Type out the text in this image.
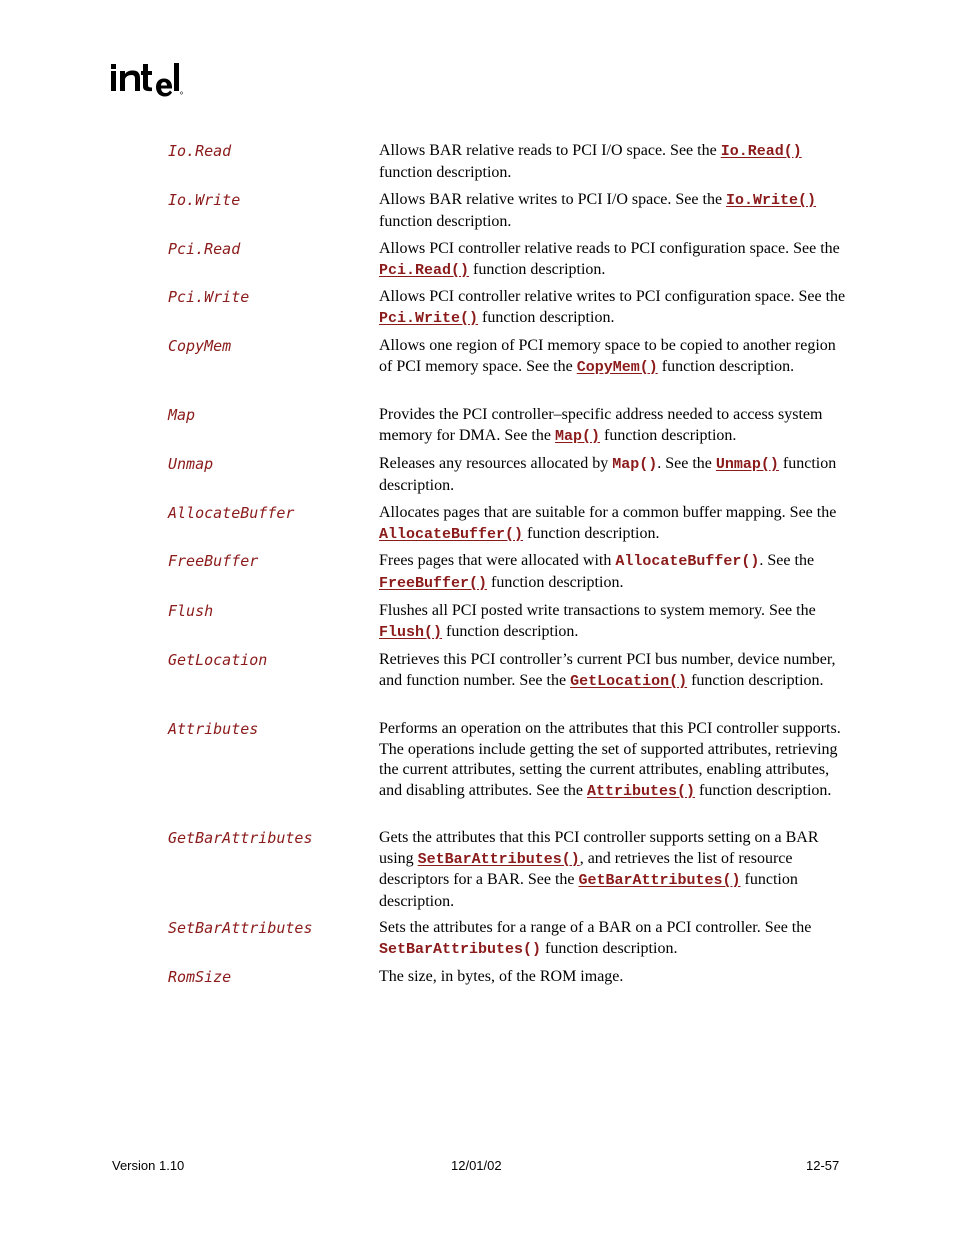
Io.Read	Allows BAR relative reads to PCI I/O space. See the Io.Read() function description.
Io.Write	Allows BAR relative writes to PCI I/O space. See the Io.Write() function description.
Pci.Read	Allows PCI controller relative reads to PCI configuration space. See the Pci.Read() function description.
Pci.Write	Allows PCI controller relative writes to PCI configuration space. See the Pci.Write() function description.
CopyMem	Allows one region of PCI memory space to be copied to another region of PCI memory space. See the CopyMem() function description.
Map	Provides the PCI controller–specific address needed to access system memory for DMA. See the Map() function description.
Unmap	Releases any resources allocated by Map(). See the Unmap() function description.
AllocateBuffer	Allocates pages that are suitable for a common buffer mapping. See the AllocateBuffer() function description.
FreeBuffer	Frees pages that were allocated with AllocateBuffer(). See the FreeBuffer() function description.
Flush	Flushes all PCI posted write transactions to system memory. See the Flush() function description.
GetLocation	Retrieves this PCI controller’s current PCI bus number, device number, and function number. See the GetLocation() function description.
Attributes	Performs an operation on the attributes that this PCI controller supports. The operations include getting the set of supported attributes, retrieving the current attributes, setting the current attributes, enabling attributes, and disabling attributes. See the Attributes() function description.
GetBarAttributes	Gets the attributes that this PCI controller supports setting on a BAR using SetBarAttributes(), and retrieves the list of resource descriptors for a BAR. See the GetBarAttributes() function description.
SetBarAttributes	Sets the attributes for a range of a BAR on a PCI controller. See the SetBarAttributes() function description.
RomSize	The size, in bytes, of the ROM image.
Version 1.10	12/01/02	12-57
